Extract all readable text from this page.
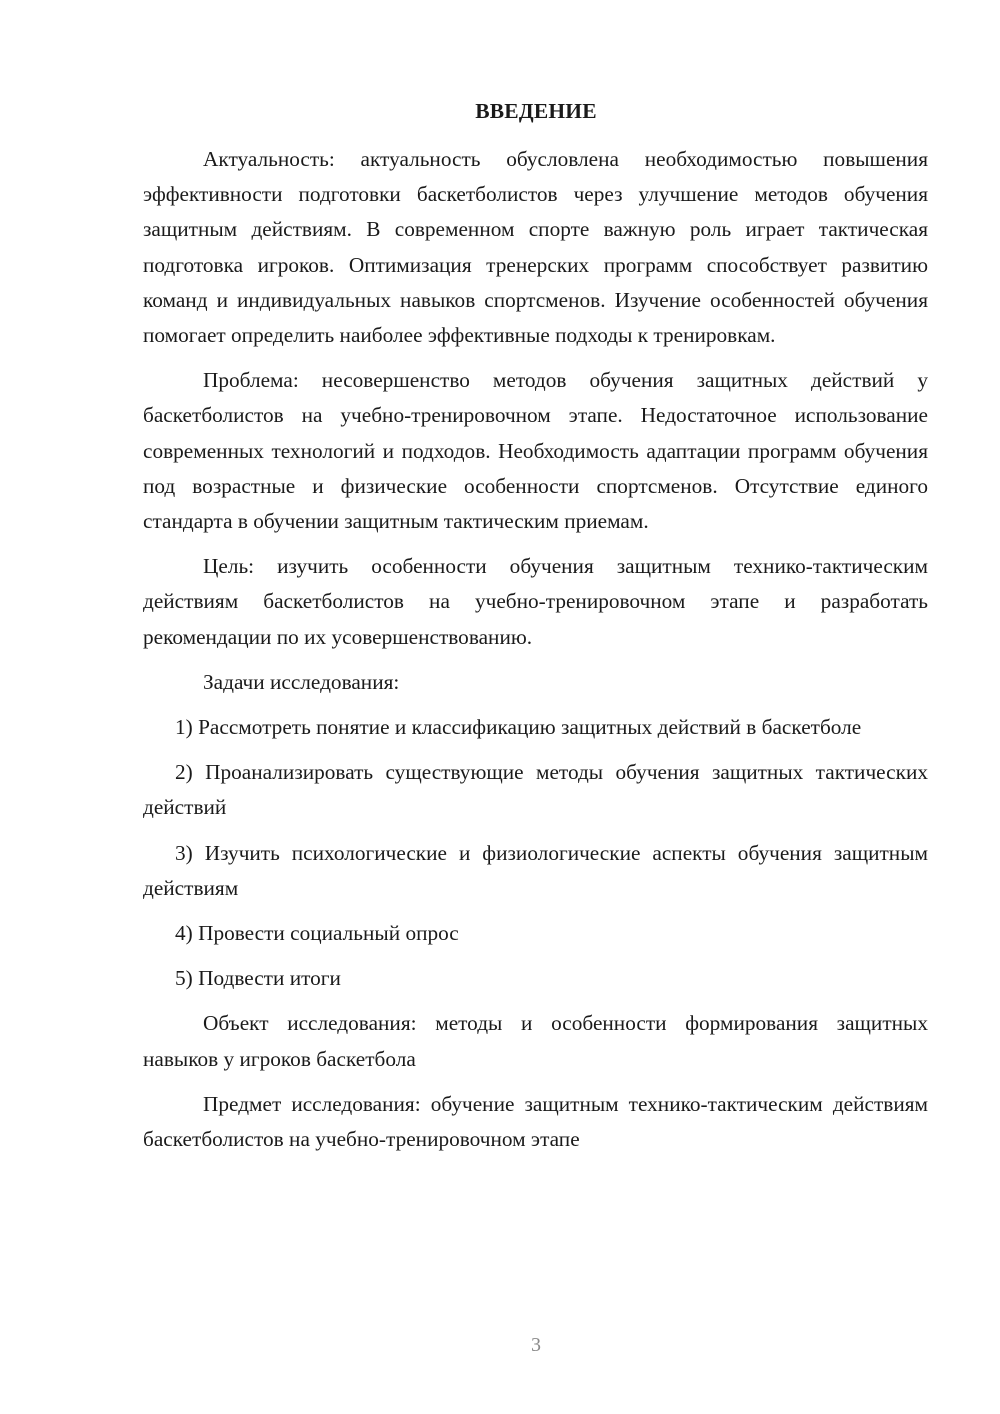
ВВЕДЕНИЕ

Актуальность: актуальность обусловлена необходимостью повышения эффективности подготовки баскетболистов через улучшение методов обучения защитным действиям. В современном спорте важную роль играет тактическая подготовка игроков. Оптимизация тренерских программ способствует развитию команд и индивидуальных навыков спортсменов. Изучение особенностей обучения помогает определить наиболее эффективные подходы к тренировкам.

Проблема: несовершенство методов обучения защитных действий у баскетболистов на учебно-тренировочном этапе. Недостаточное использование современных технологий и подходов. Необходимость адаптации программ обучения под возрастные и физические особенности спортсменов. Отсутствие единого стандарта в обучении защитным тактическим приемам.

Цель: изучить особенности обучения защитным технико-тактическим действиям баскетболистов на учебно-тренировочном этапе и разработать рекомендации по их усовершенствованию.

Задачи исследования:

1) Рассмотреть понятие и классификацию защитных действий в баскетболе

2) Проанализировать существующие методы обучения защитных тактических действий

3) Изучить психологические и физиологические аспекты обучения защитным действиям

4) Провести социальный опрос

5) Подвести итоги

Объект исследования: методы и особенности формирования защитных навыков у игроков баскетбола

Предмет исследования: обучение защитным технико-тактическим действиям баскетболистов на учебно-тренировочном этапе

3
